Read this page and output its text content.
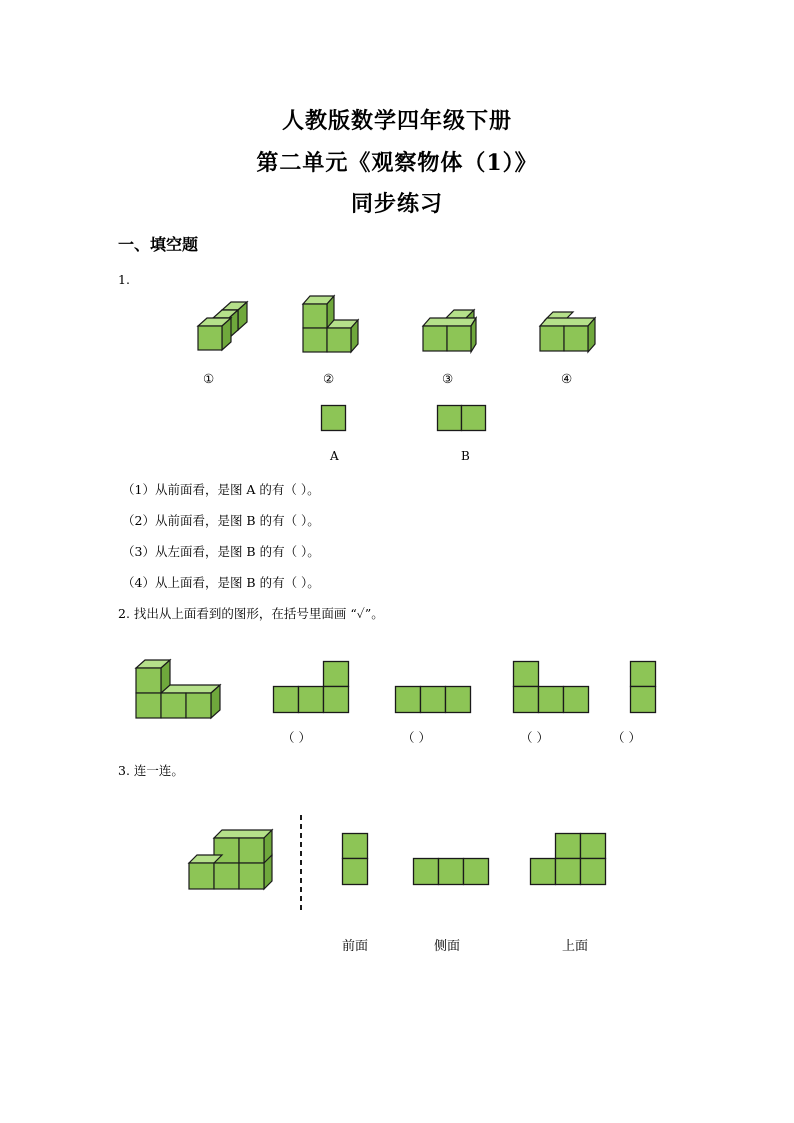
人教版数学四年级下册
第二单元《观察物体（1）》
同步练习
一、填空题
1.
①	②	③	④
A	B
（1）从前面看，是图 A 的有（ ）。
（2）从前面看，是图 B 的有（ ）。
（3）从左面看，是图 B 的有（ ）。
（4）从上面看，是图 B 的有（ ）。
2. 找出从上面看到的图形，在括号里面画 “✓”。
（ ）	（ ）	（ ）	（ ）
3. 连一连。
前面	侧面	上面
